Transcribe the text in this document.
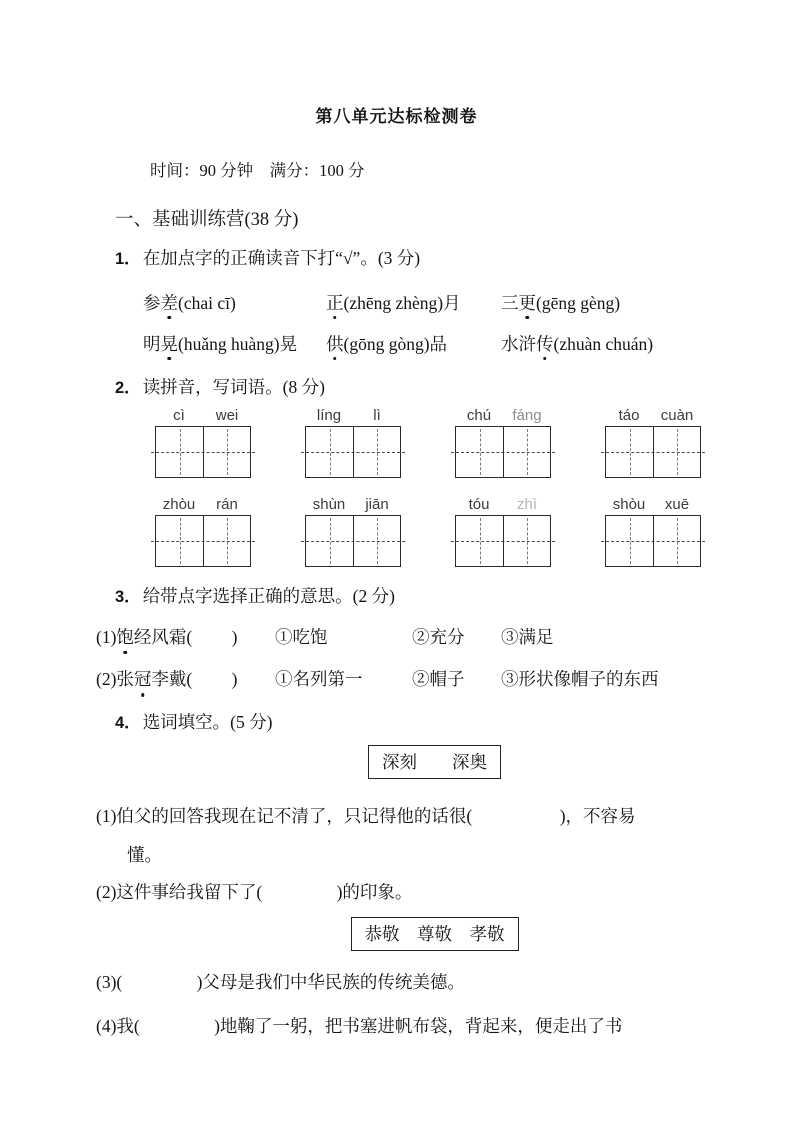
第八单元达标检测卷
时间：90 分钟　满分：100 分
一、基础训练营(38 分)
1． 在加点字的正确读音下打“√”。(3 分)
参差(chai cī)	正(zhēng zhèng)月	三更(gēng gèng)
明晃(huǎng huàng)晃	供(gōng gòng)品	水浒传(zhuàn chuán)
2． 读拼音，写词语。(8 分)
cì	wei	líng	lì	chú	fáng	táo	cuàn
zhòu	rán	shùn	jiān	tóu	zhì	shòu	xuē
3． 给带点字选择正确的意思。(2 分)
(1)饱经风霜(　　 )	①吃饱	②充分	③满足
(2)张冠李戴(　　 )	①名列第一	②帽子	③形状像帽子的东西
4． 选词填空。(5 分)
深刻　　深奥
(1)伯父的回答我现在记不清了，只记得他的话很(　　　　　)，不容易
懂。
(2)这件事给我留下了(　　　　 )的印象。
恭敬　尊敬　孝敬
(3)(　　　　 )父母是我们中华民族的传统美德。
(4)我(　　　　 )地鞠了一躬，把书塞进帆布袋，背起来，便走出了书
